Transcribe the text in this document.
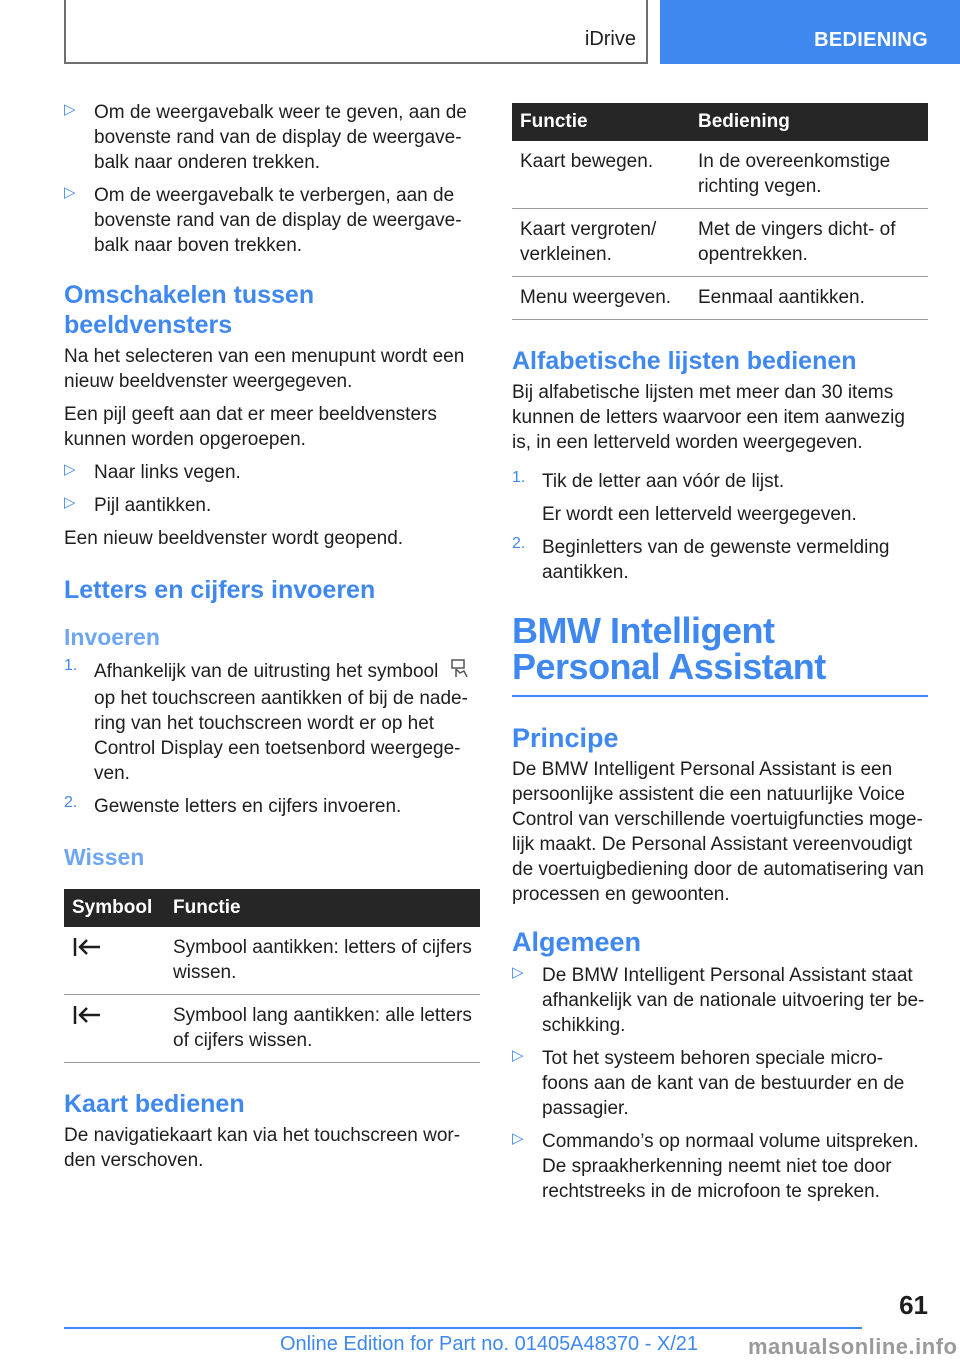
iDrive	BEDIENING
▷ Om de weergavebalk weer te geven, aan de bovenste rand van de display de weergave-balk naar onderen trekken.

▷ Om de weergavebalk te verbergen, aan de bovenste rand van de display de weergave-balk naar boven trekken.

Omschakelen tussen beeldvensters

Na het selecteren van een menupunt wordt een nieuw beeldvenster weergegeven.

Een pijl geeft aan dat er meer beeldvensters kunnen worden opgeroepen.

▷ Naar links vegen.

▷ Pijl aantikken.

Een nieuw beeldvenster wordt geopend.

Letters en cijfers invoeren
Invoeren
1. Afhankelijk van de uitrusting het symbool  op het touchscreen aantikken of bij de nade-ring van het touchscreen wordt er op het Control Display een toetsenbord weergege-ven.

2. Gewenste letters en cijfers invoeren.

Wissen
Symbool	Functie
	Symbool aantikken: letters of cijfers wissen.
	Symbool lang aantikken: alle letters of cijfers wissen.
Kaart bedienen

De navigatiekaart kan via het touchscreen wor-den verschoven.

Functie	Bediening
Kaart bewegen.	In de overeenkomstige richting vegen.
Kaart vergroten/ verkleinen.	Met de vingers dicht- of opentrekken.
Menu weergeven.	Eenmaal aantikken.
Alfabetische lijsten bedienen

Bij alfabetische lijsten met meer dan 30 items kunnen de letters waarvoor een item aanwezig is, in een letterveld worden weergegeven.

1. Tik de letter aan vóór de lijst.

Er wordt een letterveld weergegeven.

2. Beginletters van de gewenste vermelding aantikken.

BMW Intelligent Personal Assistant
Principe

De BMW Intelligent Personal Assistant is een persoonlijke assistent die een natuurlijke Voice Control van verschillende voertuigfuncties moge-lijk maakt. De Personal Assistant vereenvoudigt de voertuigbediening door de automatisering van processen en gewoonten.

Algemeen
▷ De BMW Intelligent Personal Assistant staat afhankelijk van de nationale uitvoering ter be-schikking.

▷ Tot het systeem behoren speciale micro-foons aan de kant van de bestuurder en de passagier.

▷ Commando’s op normaal volume uitspreken. De spraakherkenning neemt niet toe door rechtstreeks in de microfoon te spreken.

61
Online Edition for Part no. 01405A48370 - X/21 manualsonline.info
